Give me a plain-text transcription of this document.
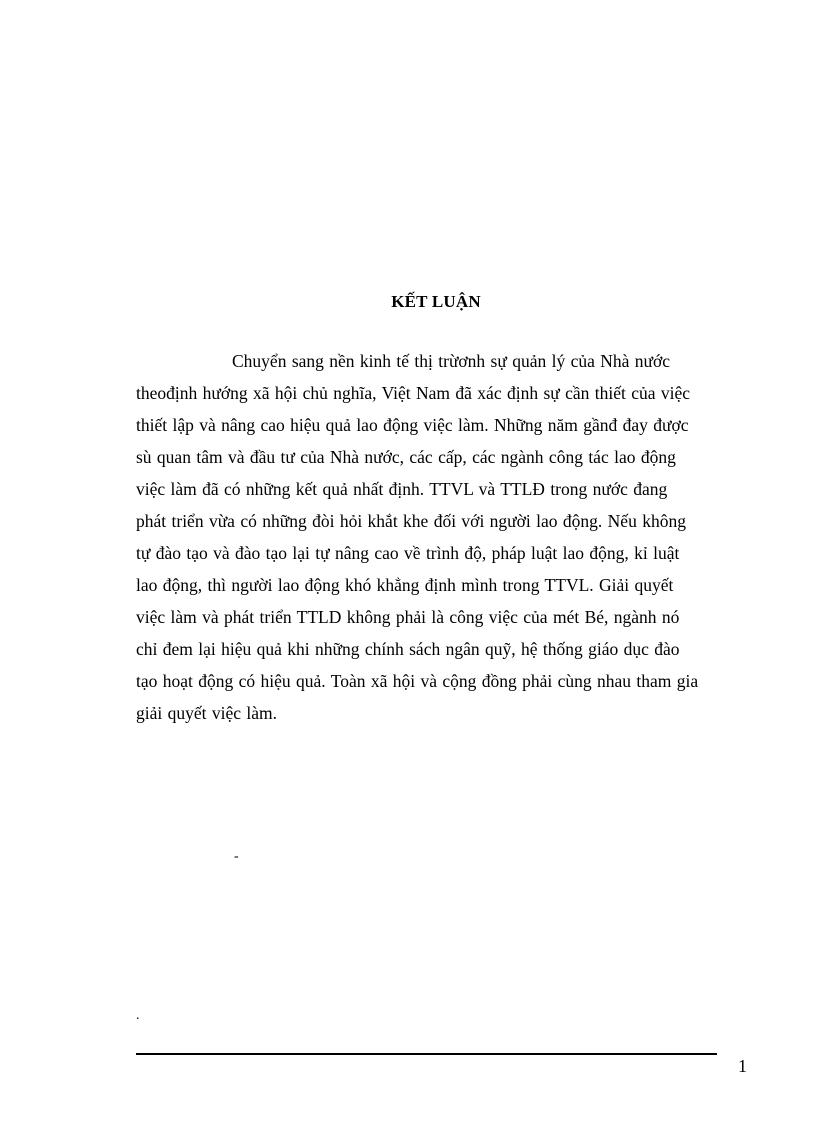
KẾT LUẬN
Chuyển sang nền kinh tế thị trừơnh sự quản lý của Nhà nước
theođịnh hướng xã hội chủ nghĩa, Việt Nam đã xác định sự cần thiết của việc
thiết lập và nâng cao hiệu quả lao động việc làm. Những năm gầnđ đay được
sù quan tâm và đầu tư của Nhà nước, các cấp, các ngành công tác lao động
việc làm đã có những kết quả nhất định. TTVL và TTLĐ trong nước đang
phát triển vừa có những đòi hỏi khắt khe đối với người lao động. Nếu không
tự đào tạo và đào tạo lại tự nâng cao về trình độ, pháp luật lao động, kỉ luật
lao động, thì người lao động khó khẳng định mình trong TTVL. Giải quyết
việc làm và phát triển TTLD không phải là công việc của mét Bé, ngành nó
chỉ đem lại hiệu quả khi những chính sách ngân quỹ, hệ thống giáo dục đào
tạo hoạt động có hiệu quả. Toàn xã hội và cộng đồng phải cùng nhau tham gia
giải quyết việc làm.
-
.
1
